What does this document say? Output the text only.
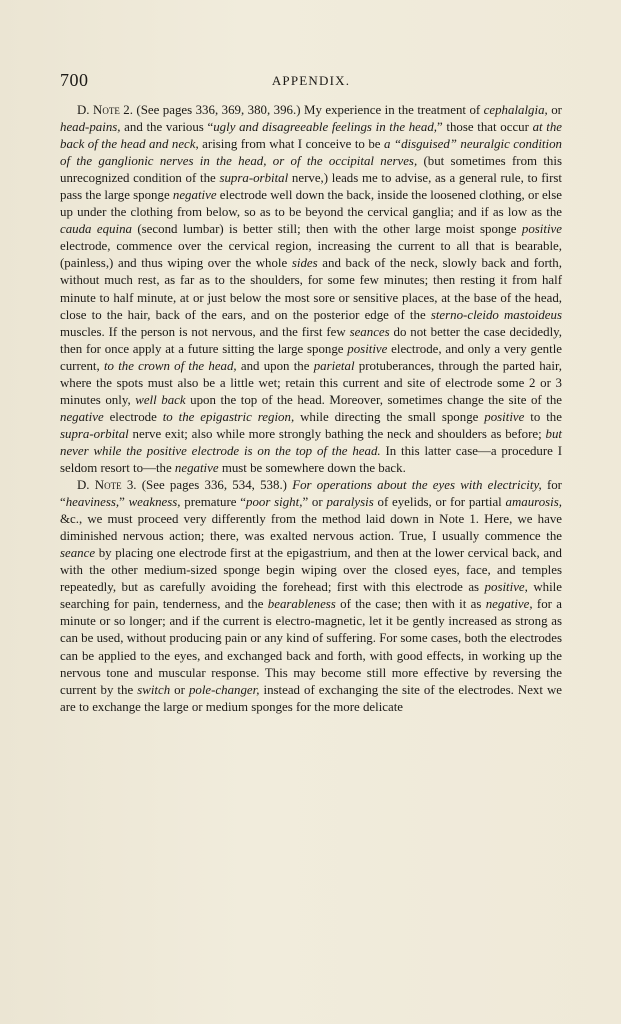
700	APPENDIX.

D. Note 2. (See pages 336, 369, 380, 396.) My experience in the treatment of cephalalgia, or head-pains, and the various “ugly and disagreeable feelings in the head,” those that occur at the back of the head and neck, arising from what I conceive to be a “disguised” neuralgic condition of the ganglionic nerves in the head, or of the occipital nerves, (but sometimes from this unrecognized condition of the supra-orbital nerve,) leads me to advise, as a general rule, to first pass the large sponge negative electrode well down the back, inside the loosened clothing, or else up under the clothing from below, so as to be beyond the cervical ganglia; and if as low as the cauda equina (second lumbar) is better still; then with the other large moist sponge positive electrode, commence over the cervical region, increasing the current to all that is bearable, (painless,) and thus wiping over the whole sides and back of the neck, slowly back and forth, without much rest, as far as to the shoulders, for some few minutes; then resting it from half minute to half minute, at or just below the most sore or sensitive places, at the base of the head, close to the hair, back of the ears, and on the posterior edge of the sterno-cleido mastoideus muscles. If the person is not nervous, and the first few seances do not better the case decidedly, then for once apply at a future sitting the large sponge positive electrode, and only a very gentle current, to the crown of the head, and upon the parietal protuberances, through the parted hair, where the spots must also be a little wet; retain this current and site of electrode some 2 or 3 minutes only, well back upon the top of the head. Moreover, sometimes change the site of the negative electrode to the epigastric region, while directing the small sponge positive to the supra-orbital nerve exit; also while more strongly bathing the neck and shoulders as before; but never while the positive electrode is on the top of the head. In this latter case—a procedure I seldom resort to—the negative must be somewhere down the back.

D. Note 3. (See pages 336, 534, 538.) For operations about the eyes with electricity, for “heaviness,” weakness, premature “poor sight,” or paralysis of eyelids, or for partial amaurosis, &c., we must proceed very differently from the method laid down in Note 1. Here, we have diminished nervous action; there, was exalted nervous action. True, I usually commence the seance by placing one electrode first at the epigastrium, and then at the lower cervical back, and with the other medium-sized sponge begin wiping over the closed eyes, face, and temples repeatedly, but as carefully avoiding the forehead; first with this electrode as positive, while searching for pain, tenderness, and the bearableness of the case; then with it as negative, for a minute or so longer; and if the current is electro-magnetic, let it be gently increased as strong as can be used, without producing pain or any kind of suffering. For some cases, both the electrodes can be applied to the eyes, and exchanged back and forth, with good effects, in working up the nervous tone and muscular response. This may become still more effective by reversing the current by the switch or pole-changer, instead of exchanging the site of the electrodes. Next we are to exchange the large or medium sponges for the more delicate
